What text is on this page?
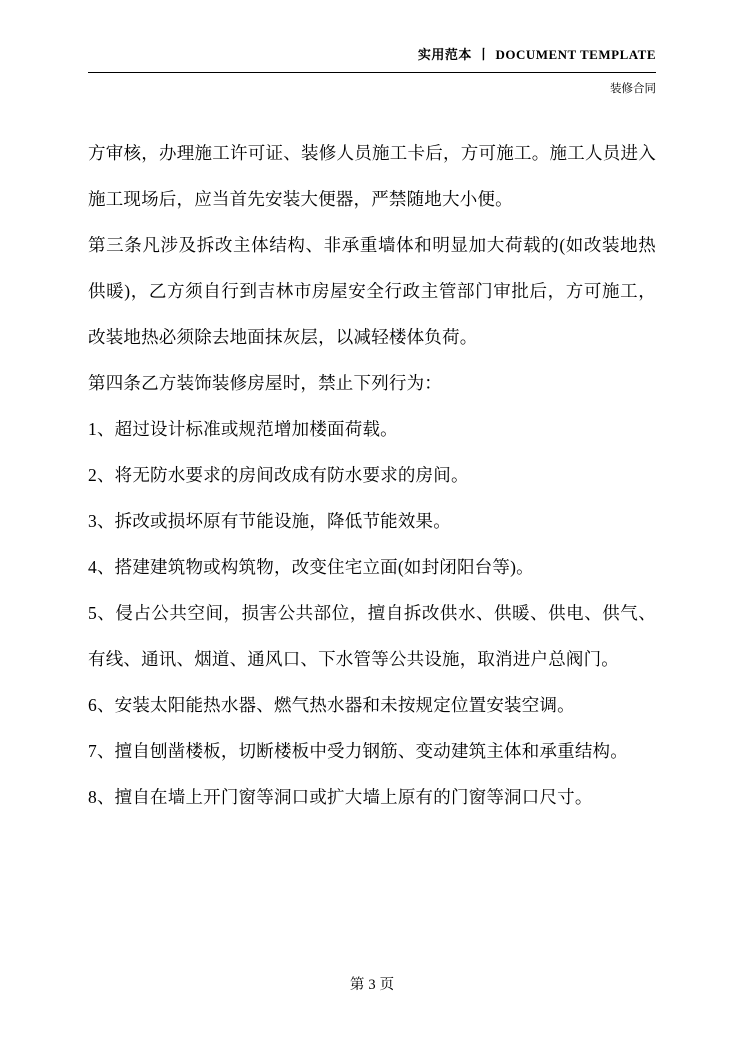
实用范本 丨 DOCUMENT TEMPLATE
装修合同

方审核，办理施工许可证、装修人员施工卡后，方可施工。施工人员进入施工现场后，应当首先安装大便器，严禁随地大小便。

第三条凡涉及拆改主体结构、非承重墙体和明显加大荷载的(如改装地热供暖)，乙方须自行到吉林市房屋安全行政主管部门审批后，方可施工，改装地热必须除去地面抹灰层，以减轻楼体负荷。

第四条乙方装饰装修房屋时，禁止下列行为：

1、超过设计标准或规范增加楼面荷载。

2、将无防水要求的房间改成有防水要求的房间。

3、拆改或损坏原有节能设施，降低节能效果。

4、搭建建筑物或构筑物，改变住宅立面(如封闭阳台等)。

5、侵占公共空间，损害公共部位，擅自拆改供水、供暖、供电、供气、有线、通讯、烟道、通风口、下水管等公共设施，取消进户总阀门。

6、安装太阳能热水器、燃气热水器和未按规定位置安装空调。

7、擅自刨凿楼板，切断楼板中受力钢筋、变动建筑主体和承重结构。

8、擅自在墙上开门窗等洞口或扩大墙上原有的门窗等洞口尺寸。

第 3 页
